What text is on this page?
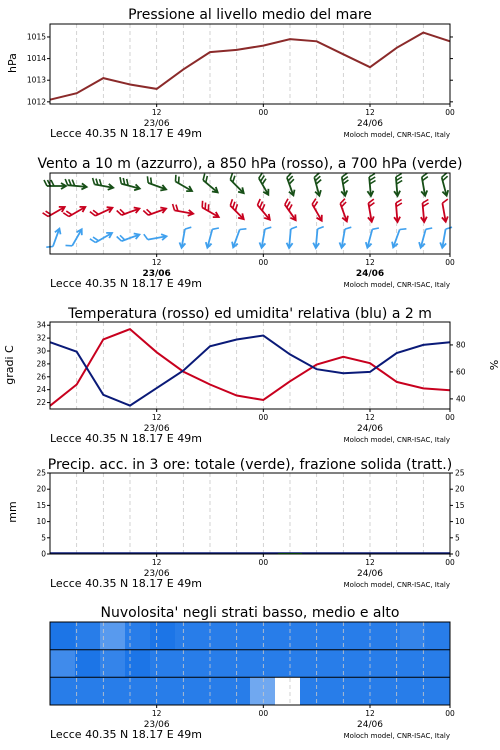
Pressione al livello medio del mare
hPa
1012
1013
1014
1015
12	00	12	00
23/06	24/06
Lecce 40.35 N 18.17 E 49m	Moloch model, CNR-ISAC, Italy
Vento a 10 m (azzurro), a 850 hPa (rosso), a 700 hPa (verde)
12	00	12	00
23/06	24/06
Lecce 40.35 N 18.17 E 49m	Moloch model, CNR-ISAC, Italy
Temperatura (rosso) ed umidita' relativa (blu) a 2 m
gradi C	%
22
24
26
28
30
32
34
40
60
80
12	00	12	00
23/06	24/06
Lecce 40.35 N 18.17 E 49m	Moloch model, CNR-ISAC, Italy
Precip. acc. in 3 ore: totale (verde), frazione solida (tratt.)
mm
0	0
5	5
10	10
15	15
20	20
25	25
12	00	12	00
23/06	24/06
Lecce 40.35 N 18.17 E 49m	Moloch model, CNR-ISAC, Italy
Nuvolosita' negli strati basso, medio e alto
12	00	12	00
23/06	24/06
Lecce 40.35 N 18.17 E 49m	Moloch model, CNR-ISAC, Italy
